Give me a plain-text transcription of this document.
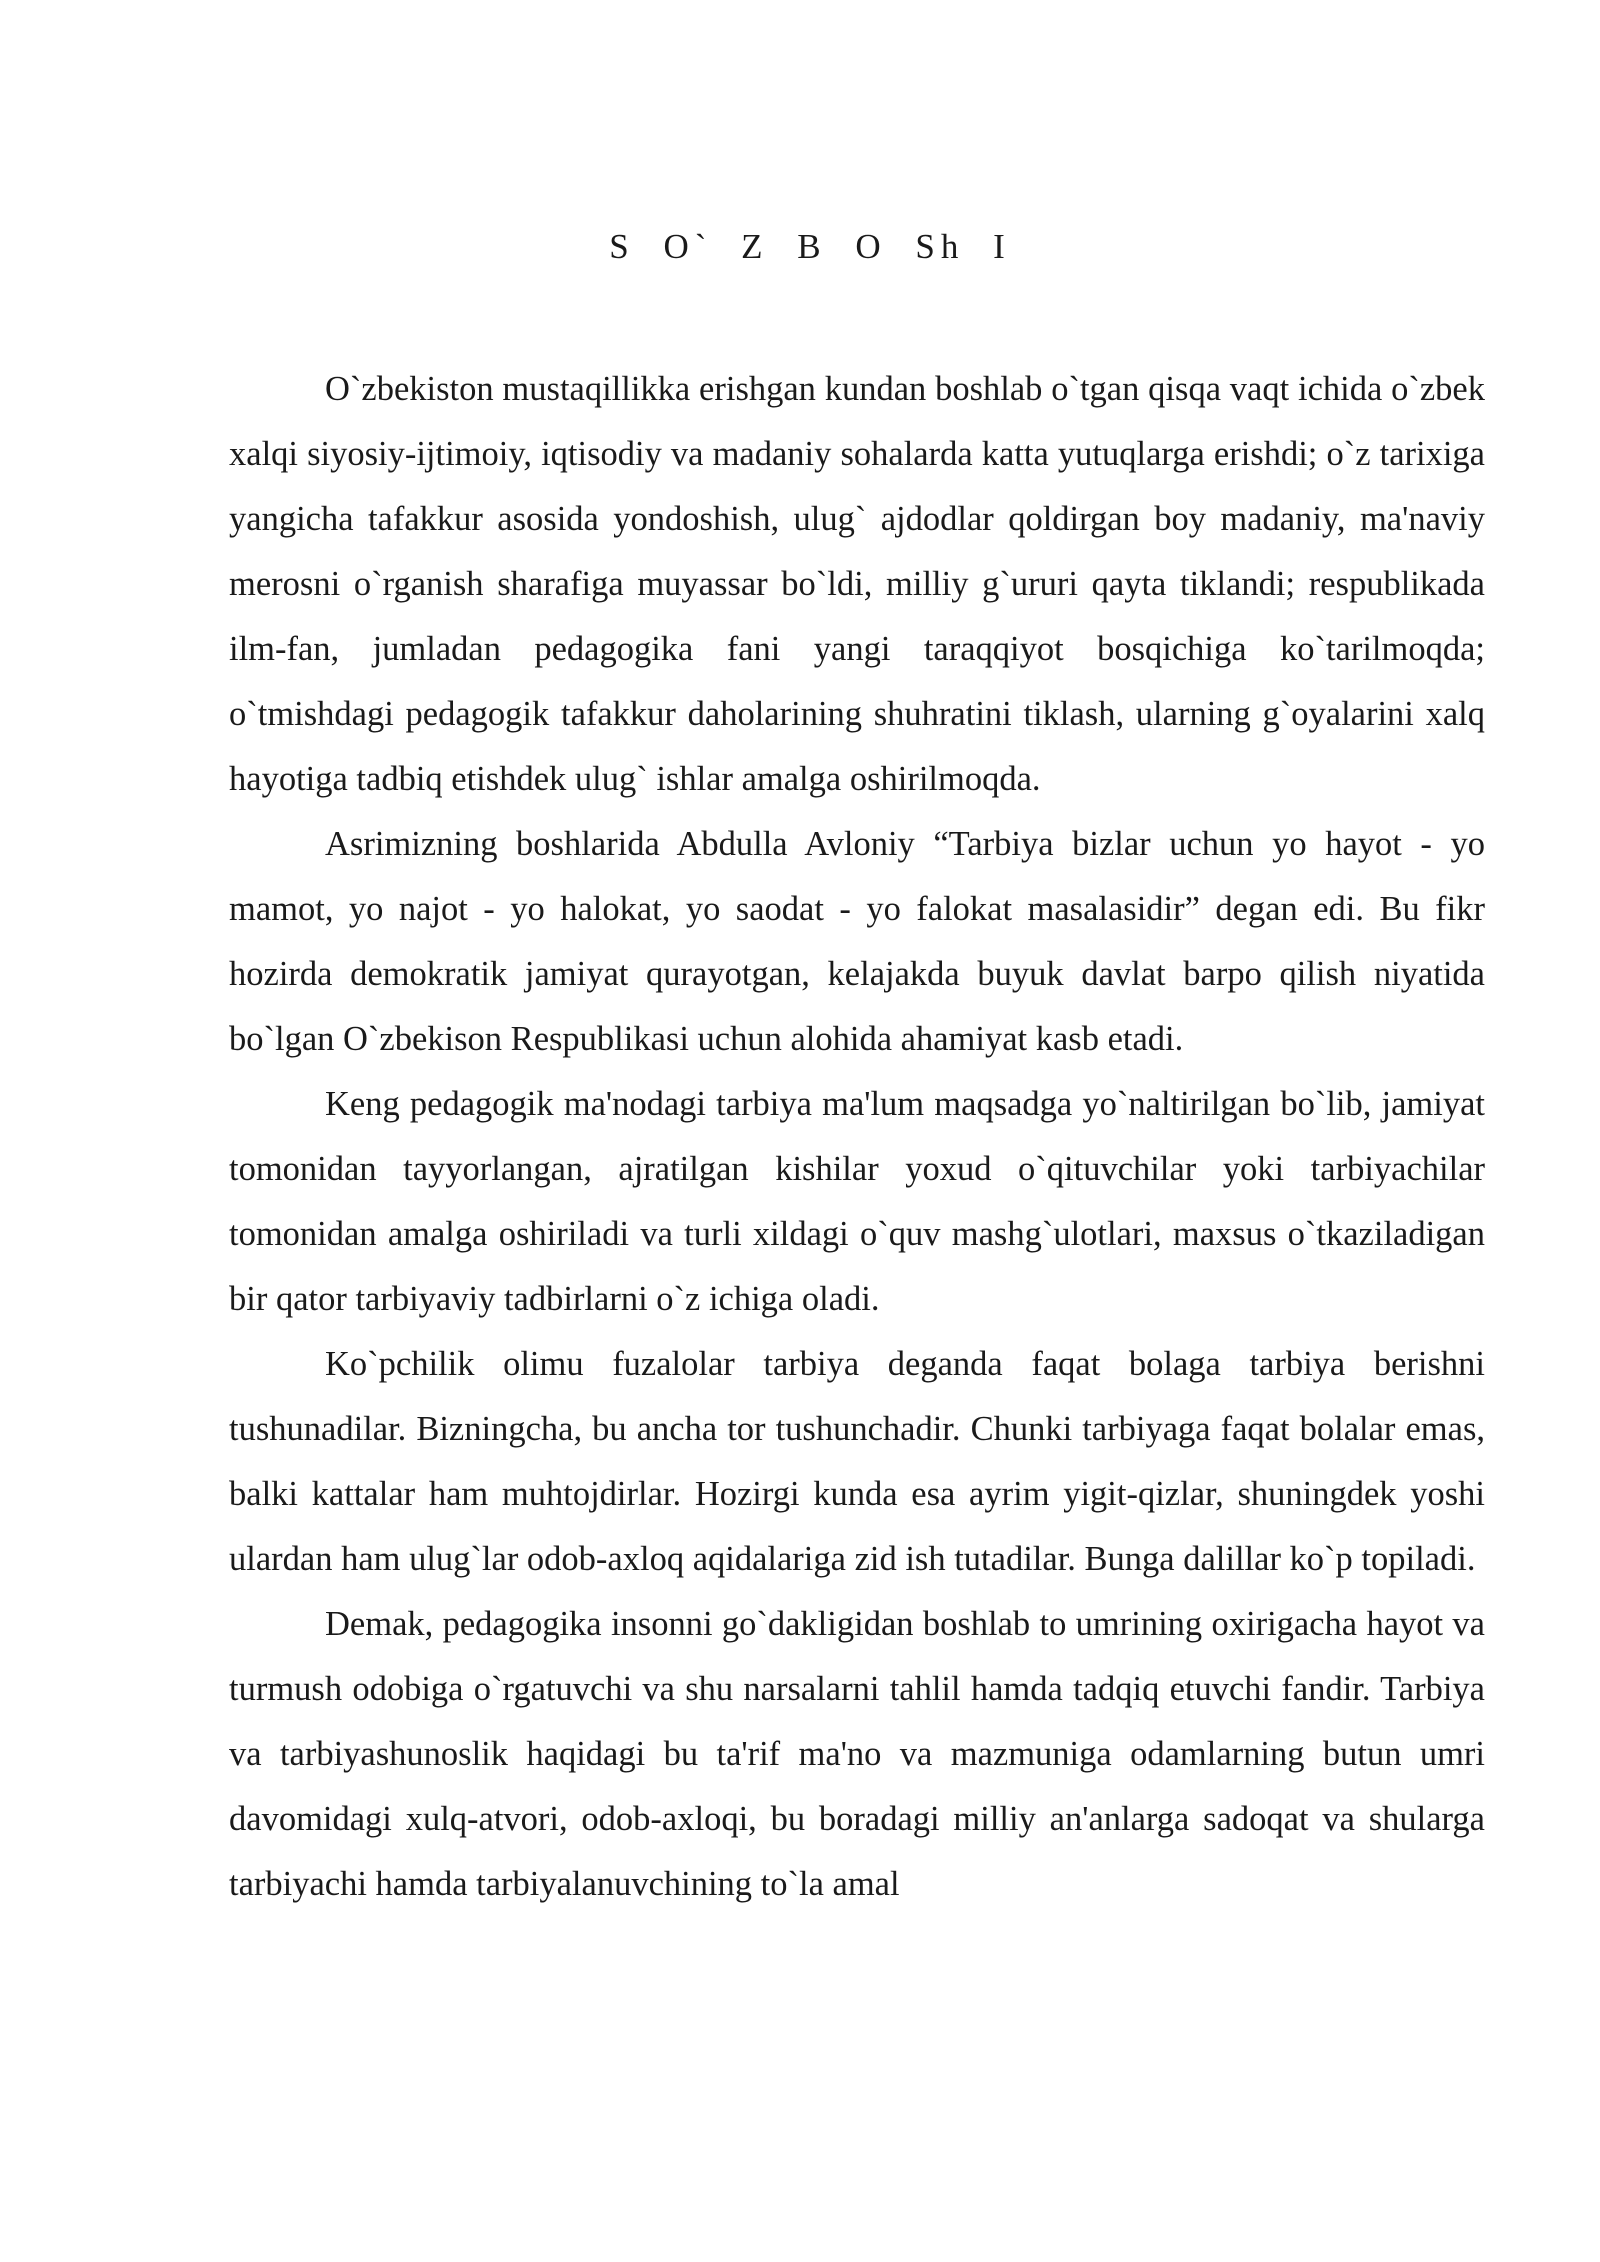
S O` Z B O Sh I

O`zbekiston mustaqillikka erishgan kundan boshlab o`tgan qisqa vaqt ichida o`zbek xalqi siyosiy-ijtimoiy, iqtisodiy va madaniy sohalarda katta yutuqlarga erishdi; o`z tarixiga yangicha tafakkur asosida yondoshish, ulug` ajdodlar qoldirgan boy madaniy, ma'naviy merosni o`rganish sharafiga muyassar bo`ldi, milliy g`ururi qayta tiklandi; respublikada ilm-fan, jumladan pedagogika fani yangi taraqqiyot bosqichiga ko`tarilmoqda; o`tmishdagi pedagogik tafakkur daholarining shuhratini tiklash, ularning g`oyalarini xalq hayotiga tadbiq etishdek ulug` ishlar amalga oshirilmoqda.

Asrimizning boshlarida Abdulla Avloniy “Tarbiya bizlar uchun yo hayot - yo mamot, yo najot - yo halokat, yo saodat - yo falokat masalasidir” degan edi. Bu fikr hozirda demokratik jamiyat qurayotgan, kelajakda buyuk davlat barpo qilish niyatida bo`lgan O`zbekison Respublikasi uchun alohida ahamiyat kasb etadi.

Keng pedagogik ma'nodagi tarbiya ma'lum maqsadga yo`naltirilgan bo`lib, jamiyat tomonidan tayyorlangan, ajratilgan kishilar yoxud o`qituvchilar yoki tarbiyachilar tomonidan amalga oshiriladi va turli xildagi o`quv mashg`ulotlari, maxsus o`tkaziladigan bir qator tarbiyaviy tadbirlarni o`z ichiga oladi.

Ko`pchilik olimu fuzalolar tarbiya deganda faqat bolaga tarbiya berishni tushunadilar. Bizningcha, bu ancha tor tushunchadir. Chunki tarbiyaga faqat bolalar emas, balki kattalar ham muhtojdirlar. Hozirgi kunda esa ayrim yigit-qizlar, shuningdek yoshi ulardan ham ulug`lar odob-axloq aqidalariga zid ish tutadilar. Bunga dalillar ko`p topiladi.

Demak, pedagogika insonni go`dakligidan boshlab to umrining oxirigacha hayot va turmush odobiga o`rgatuvchi va shu narsalarni tahlil hamda tadqiq etuvchi fandir. Tarbiya va tarbiyashunoslik haqidagi bu ta'rif ma'no va mazmuniga odamlarning butun umri davomidagi xulq-atvori, odob-axloqi, bu boradagi milliy an'anlarga sadoqat va shularga tarbiyachi hamda tarbiyalanuvchining to`la amal
